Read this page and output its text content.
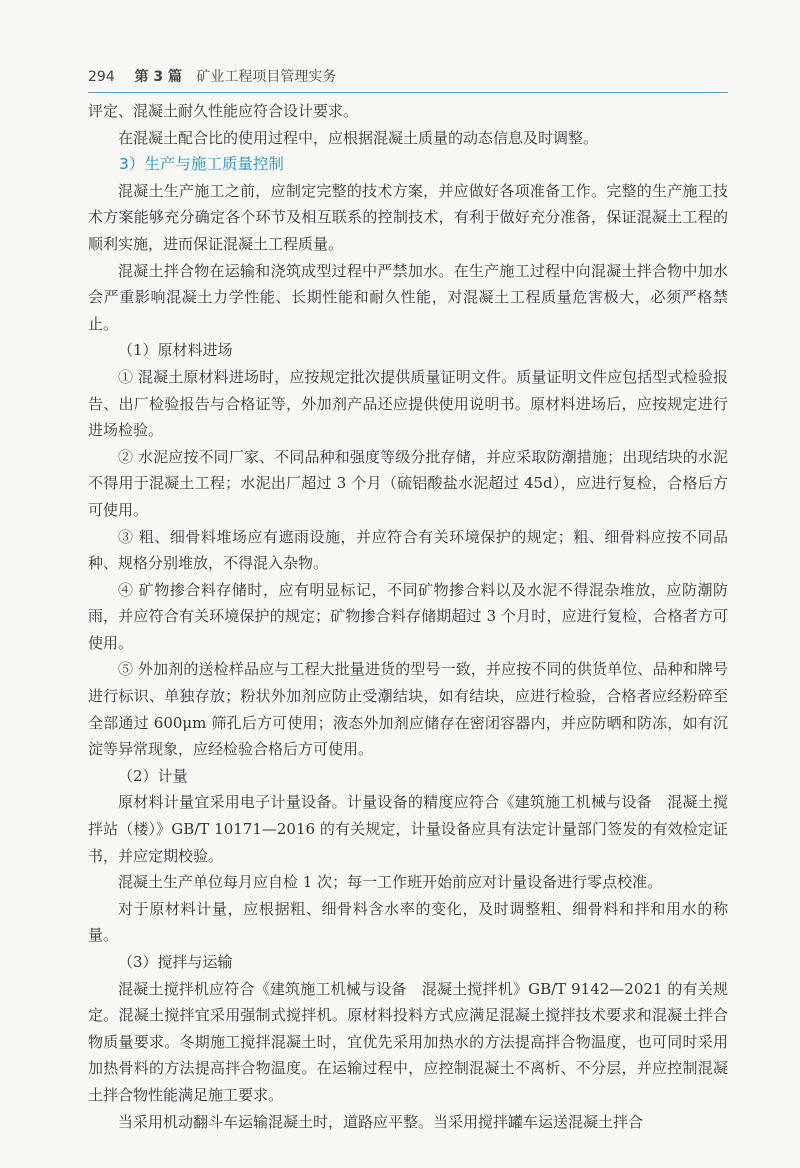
294 第 3 篇 矿业工程项目管理实务

评定、混凝土耐久性能应符合设计要求。

在混凝土配合比的使用过程中，应根据混凝土质量的动态信息及时调整。

3）生产与施工质量控制

混凝土生产施工之前，应制定完整的技术方案，并应做好各项准备工作。完整的生产施工技术方案能够充分确定各个环节及相互联系的控制技术，有利于做好充分准备，保证混凝土工程的顺利实施，进而保证混凝土工程质量。

混凝土拌合物在运输和浇筑成型过程中严禁加水。在生产施工过程中向混凝土拌合物中加水会严重影响混凝土力学性能、长期性能和耐久性能，对混凝土工程质量危害极大，必须严格禁止。

（1）原材料进场

① 混凝土原材料进场时，应按规定批次提供质量证明文件。质量证明文件应包括型式检验报告、出厂检验报告与合格证等，外加剂产品还应提供使用说明书。原材料进场后，应按规定进行进场检验。

② 水泥应按不同厂家、不同品种和强度等级分批存储，并应采取防潮措施；出现结块的水泥不得用于混凝土工程；水泥出厂超过 3 个月（硫铝酸盐水泥超过 45d），应进行复检，合格后方可使用。

③ 粗、细骨料堆场应有遮雨设施，并应符合有关环境保护的规定；粗、细骨料应按不同品种、规格分别堆放，不得混入杂物。

④ 矿物掺合料存储时，应有明显标记，不同矿物掺合料以及水泥不得混杂堆放，应防潮防雨，并应符合有关环境保护的规定；矿物掺合料存储期超过 3 个月时，应进行复检，合格者方可使用。

⑤ 外加剂的送检样品应与工程大批量进货的型号一致，并应按不同的供货单位、品种和牌号进行标识、单独存放；粉状外加剂应防止受潮结块，如有结块，应进行检验，合格者应经粉碎至全部通过 600μm 筛孔后方可使用；液态外加剂应储存在密闭容器内，并应防晒和防冻，如有沉淀等异常现象，应经检验合格后方可使用。

（2）计量

原材料计量宜采用电子计量设备。计量设备的精度应符合《建筑施工机械与设备　混凝土搅拌站（楼）》GB/T 10171—2016 的有关规定，计量设备应具有法定计量部门签发的有效检定证书，并应定期校验。

混凝土生产单位每月应自检 1 次；每一工作班开始前应对计量设备进行零点校准。

对于原材料计量，应根据粗、细骨料含水率的变化，及时调整粗、细骨料和拌和用水的称量。

（3）搅拌与运输

混凝土搅拌机应符合《建筑施工机械与设备　混凝土搅拌机》GB/T 9142—2021 的有关规定。混凝土搅拌宜采用强制式搅拌机。原材料投料方式应满足混凝土搅拌技术要求和混凝土拌合物质量要求。冬期施工搅拌混凝土时，宜优先采用加热水的方法提高拌合物温度，也可同时采用加热骨料的方法提高拌合物温度。在运输过程中，应控制混凝土不离析、不分层，并应控制混凝土拌合物性能满足施工要求。

当采用机动翻斗车运输混凝土时，道路应平整。当采用搅拌罐车运送混凝土拌合
